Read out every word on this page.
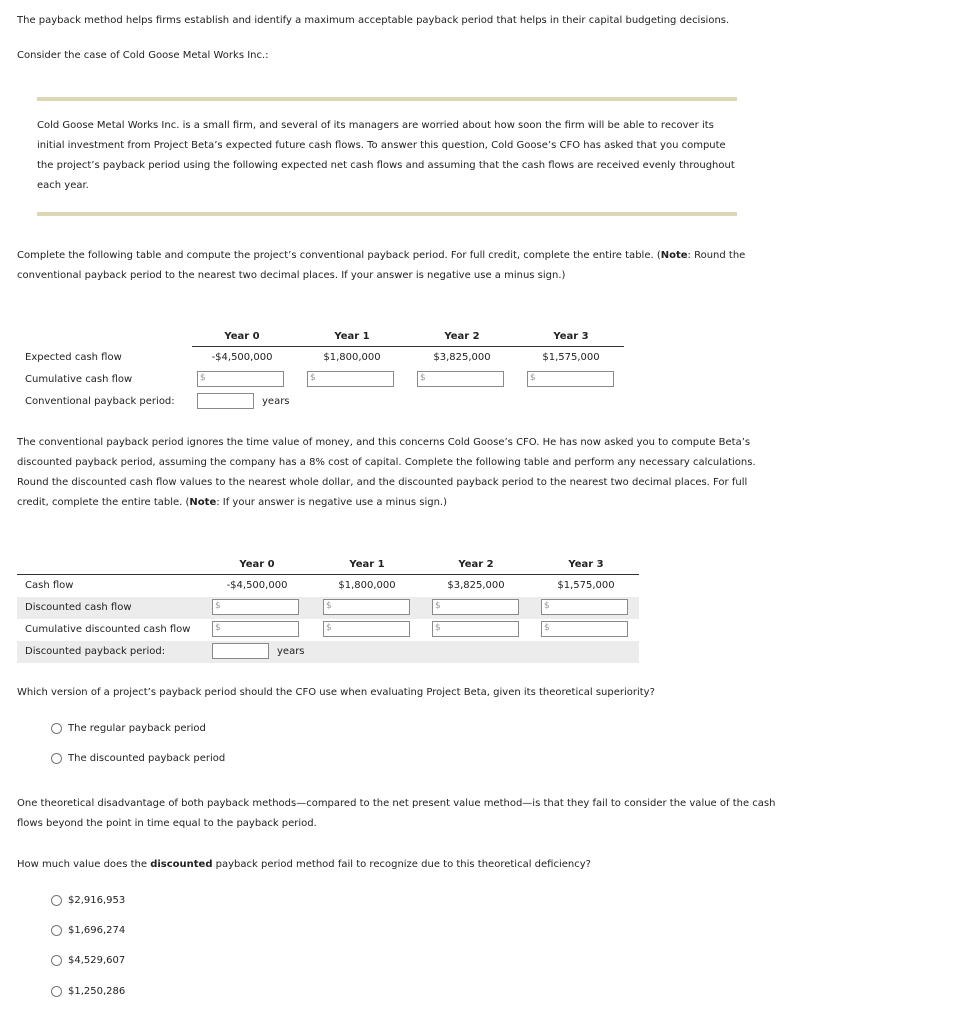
The payback method helps firms establish and identify a maximum acceptable payback period that helps in their capital budgeting decisions.

Consider the case of Cold Goose Metal Works Inc.:

Cold Goose Metal Works Inc. is a small firm, and several of its managers are worried about how soon the firm will be able to recover its initial investment from Project Beta’s expected future cash flows. To answer this question, Cold Goose’s CFO has asked that you compute the project’s payback period using the following expected net cash flows and assuming that the cash flows are received evenly throughout each year.

Complete the following table and compute the project’s conventional payback period. For full credit, complete the entire table. (Note: Round the conventional payback period to the nearest two decimal places. If your answer is negative use a minus sign.)

Year 0	Year 1	Year 2	Year 3
Expected cash flow	-$4,500,000	$1,800,000	$3,825,000	$1,575,000
Cumulative cash flow	$	$	$	$
Conventional payback period:	years

The conventional payback period ignores the time value of money, and this concerns Cold Goose’s CFO. He has now asked you to compute Beta’s discounted payback period, assuming the company has a 8% cost of capital. Complete the following table and perform any necessary calculations. Round the discounted cash flow values to the nearest whole dollar, and the discounted payback period to the nearest two decimal places. For full credit, complete the entire table. (Note: If your answer is negative use a minus sign.)

Year 0	Year 1	Year 2	Year 3
Cash flow	-$4,500,000	$1,800,000	$3,825,000	$1,575,000
Discounted cash flow	$	$	$	$
Cumulative discounted cash flow	$	$	$	$
Discounted payback period:	years

Which version of a project’s payback period should the CFO use when evaluating Project Beta, given its theoretical superiority?

The regular payback period
The discounted payback period

One theoretical disadvantage of both payback methods—compared to the net present value method—is that they fail to consider the value of the cash flows beyond the point in time equal to the payback period.

How much value does the discounted payback period method fail to recognize due to this theoretical deficiency?

$2,916,953
$1,696,274
$4,529,607
$1,250,286
